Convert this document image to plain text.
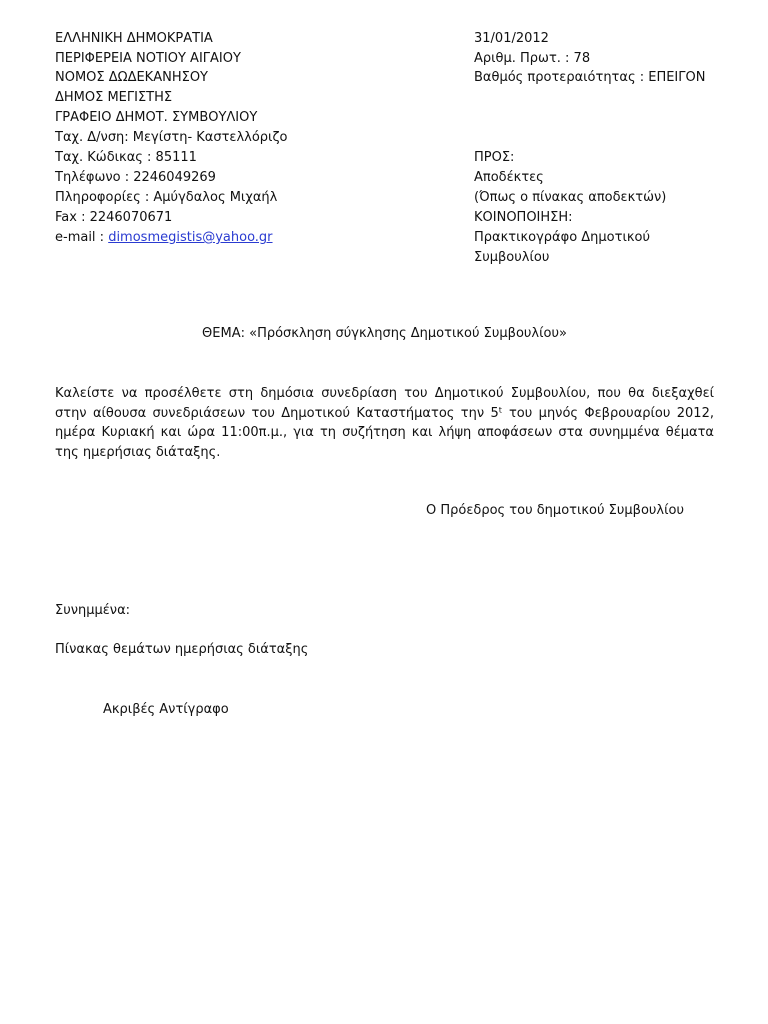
ΕΛΛΗΝΙΚΗ ΔΗΜΟΚΡΑΤΙΑ
ΠΕΡΙΦΕΡΕΙΑ ΝΟΤΙΟΥ ΑΙΓΑΙΟΥ
ΝΟΜΟΣ ΔΩΔΕΚΑΝΗΣΟΥ
ΔΗΜΟΣ ΜΕΓΙΣΤΗΣ
ΓΡΑΦΕΙΟ ΔΗΜΟΤ. ΣΥΜΒΟΥΛΙΟΥ
Ταχ. Δ/νση: Μεγίστη- Καστελλόριζο
Ταχ. Κώδικας : 85111
Τηλέφωνο : 2246049269
Πληροφορίες : Αμύγδαλος Μιχαήλ
Fax : 2246070671
e-mail : dimosmegistis@yahoo.gr
31/01/2012
Αριθμ. Πρωτ. : 78
Βαθμός προτεραιότητας : ΕΠΕΙΓΟΝ
ΠΡΟΣ:
Αποδέκτες
(Όπως ο πίνακας αποδεκτών)
ΚΟΙΝΟΠΟΙΗΣΗ:
Πρακτικογράφο Δημοτικού
Συμβουλίου
ΘΕΜΑ: «Πρόσκληση σύγκλησης Δημοτικού Συμβουλίου»
Καλείστε να προσέλθετε στη δημόσια συνεδρίαση του Δημοτικού Συμβουλίου, που θα διεξαχθεί στην αίθουσα συνεδριάσεων του Δημοτικού Καταστήματος την 5ᵗ του μηνός Φεβρουαρίου 2012, ημέρα Κυριακή και ώρα 11:00π.μ., για τη συζήτηση και λήψη αποφάσεων στα συνημμένα θέματα της ημερήσιας διάταξης.
Ο Πρόεδρος του δημοτικού Συμβουλίου
Συνημμένα:
Πίνακας θεμάτων ημερήσιας διάταξης
Ακριβές Αντίγραφο
